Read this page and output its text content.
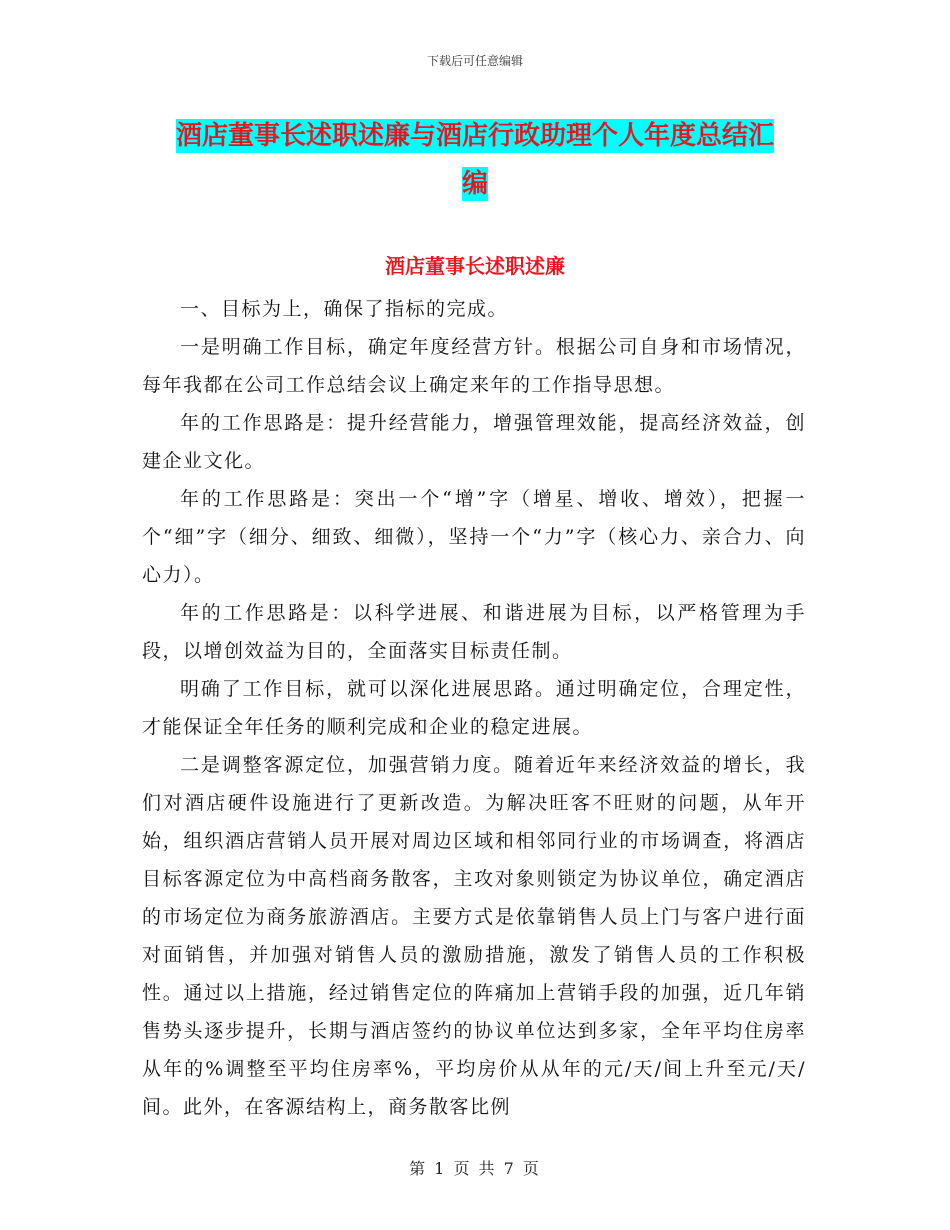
下载后可任意编辑
酒店董事长述职述廉与酒店行政助理个人年度总结汇
编
酒店董事长述职述廉

一、目标为上，确保了指标的完成。

一是明确工作目标，确定年度经营方针。根据公司自身和市场情况，每年我都在公司工作总结会议上确定来年的工作指导思想。

年的工作思路是：提升经营能力，增强管理效能，提高经济效益，创建企业文化。

年的工作思路是：突出一个“增”字（增星、增收、增效），把握一个“细”字（细分、细致、细微），坚持一个“力”字（核心力、亲合力、向心力）。

年的工作思路是：以科学进展、和谐进展为目标，以严格管理为手段，以增创效益为目的，全面落实目标责任制。

明确了工作目标，就可以深化进展思路。通过明确定位，合理定性，才能保证全年任务的顺利完成和企业的稳定进展。

二是调整客源定位，加强营销力度。随着近年来经济效益的增长，我们对酒店硬件设施进行了更新改造。为解决旺客不旺财的问题，从年开始，组织酒店营销人员开展对周边区域和相邻同行业的市场调查，将酒店目标客源定位为中高档商务散客，主攻对象则锁定为协议单位，确定酒店的市场定位为商务旅游酒店。主要方式是依靠销售人员上门与客户进行面对面销售，并加强对销售人员的激励措施，激发了销售人员的工作积极性。通过以上措施，经过销售定位的阵痛加上营销手段的加强，近几年销售势头逐步提升，长期与酒店签约的协议单位达到多家，全年平均住房率从年的%调整至平均住房率%，平均房价从从年的元/天/间上升至元/天/间。此外，在客源结构上，商务散客比例

第 1 页 共 7 页
